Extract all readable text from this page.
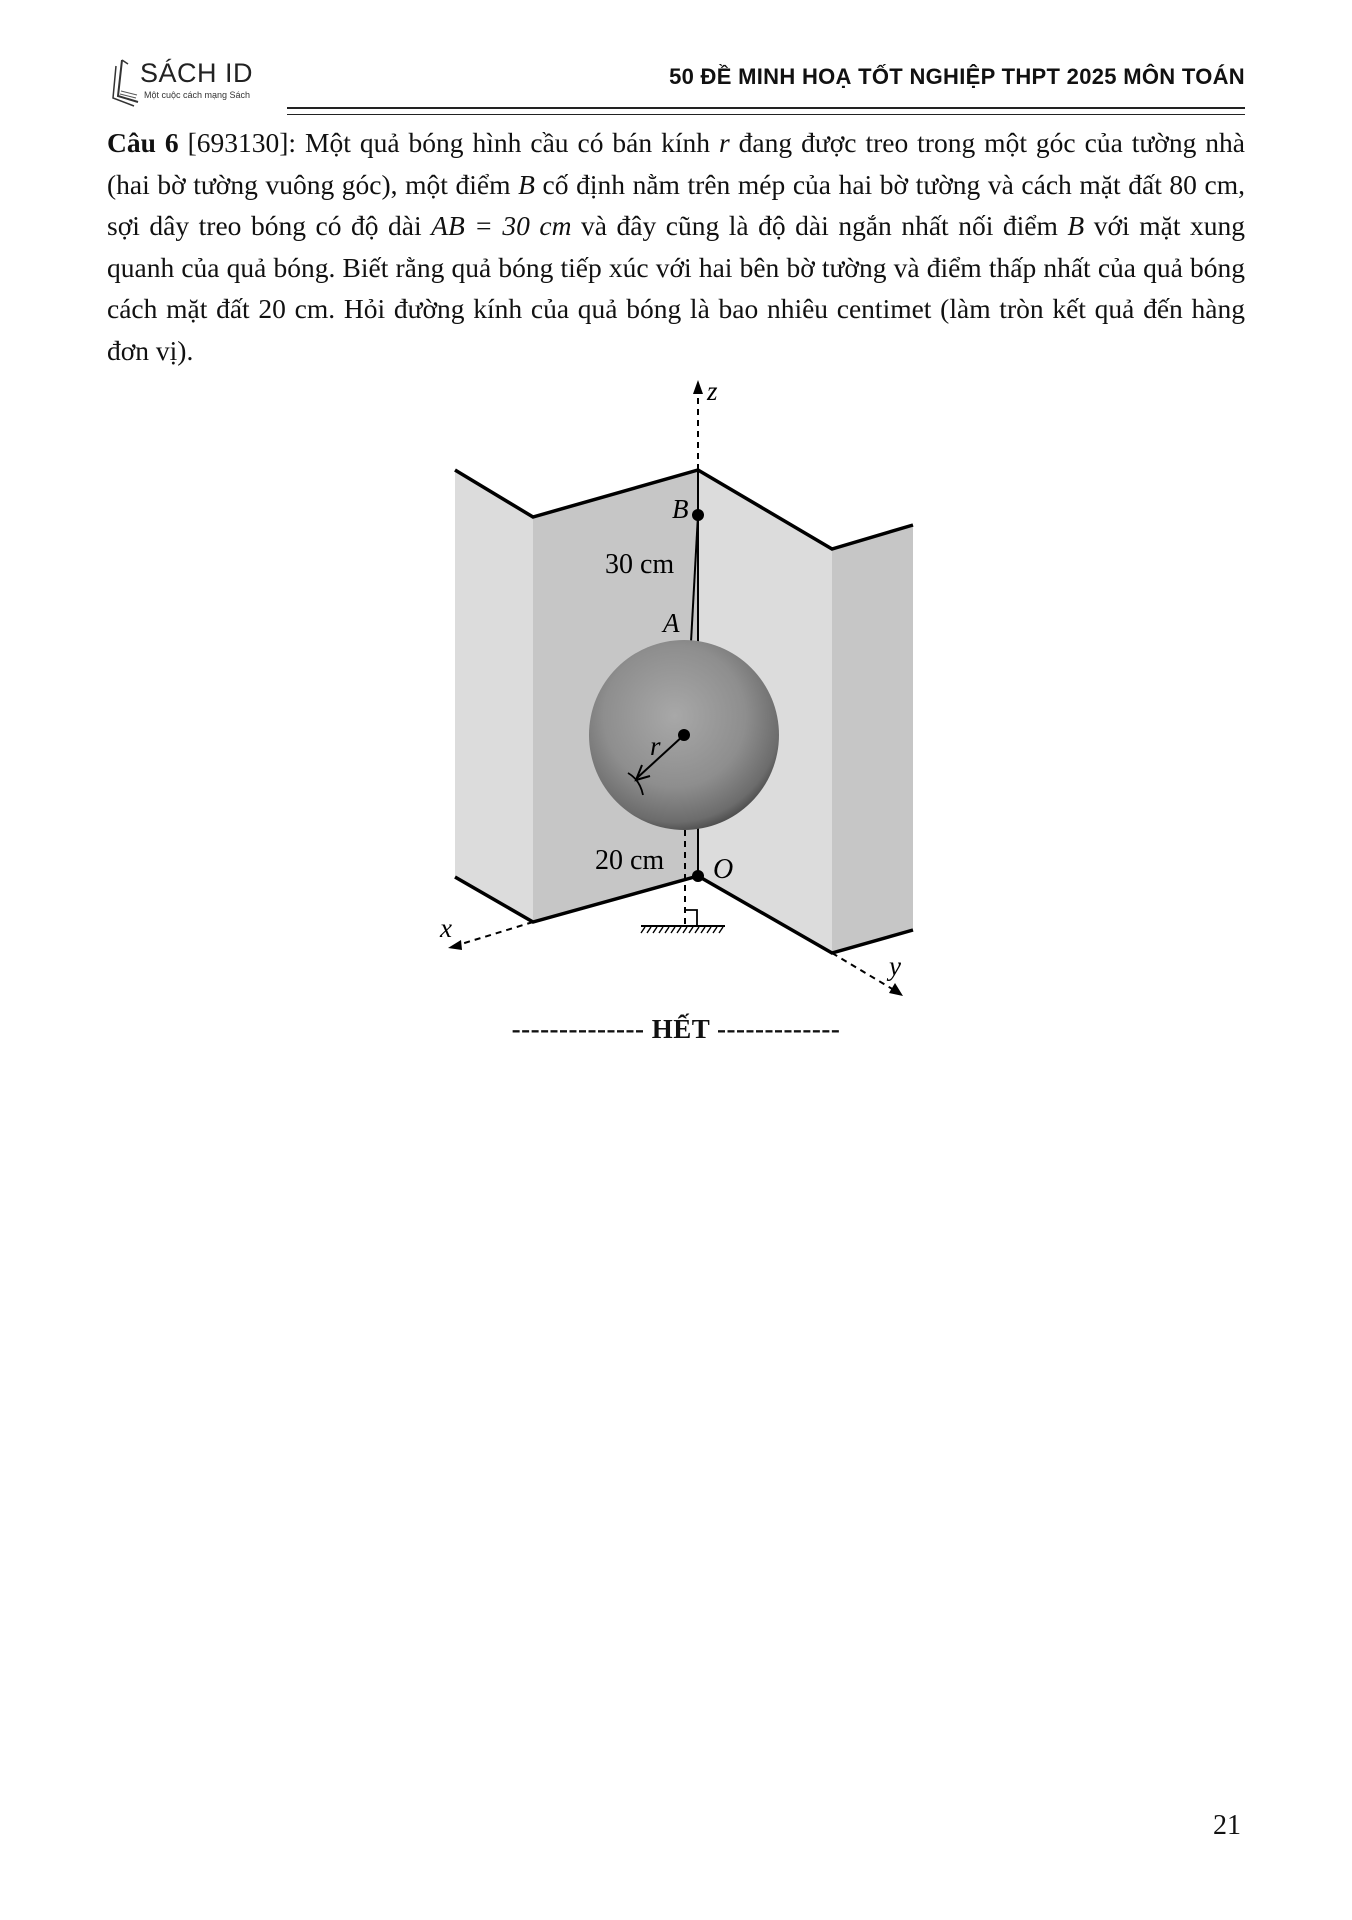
SÁCH ID
Một cuộc cách mạng Sách
50 ĐỀ MINH HOẠ TỐT NGHIỆP THPT 2025 MÔN TOÁN
Câu 6 [693130]: Một quả bóng hình cầu có bán kính r đang được treo trong một góc của tường nhà (hai bờ tường vuông góc), một điểm B cố định nằm trên mép của hai bờ tường và cách mặt đất 80 cm, sợi dây treo bóng có độ dài AB = 30 cm và đây cũng là độ dài ngắn nhất nối điểm B với mặt xung quanh của quả bóng. Biết rằng quả bóng tiếp xúc với hai bên bờ tường và điểm thấp nhất của quả bóng cách mặt đất 20 cm. Hỏi đường kính của quả bóng là bao nhiêu centimet (làm tròn kết quả đến hàng đơn vị).
z
x
y
r
B
A
O
30 cm
20 cm
-------------- HẾT -------------
21
